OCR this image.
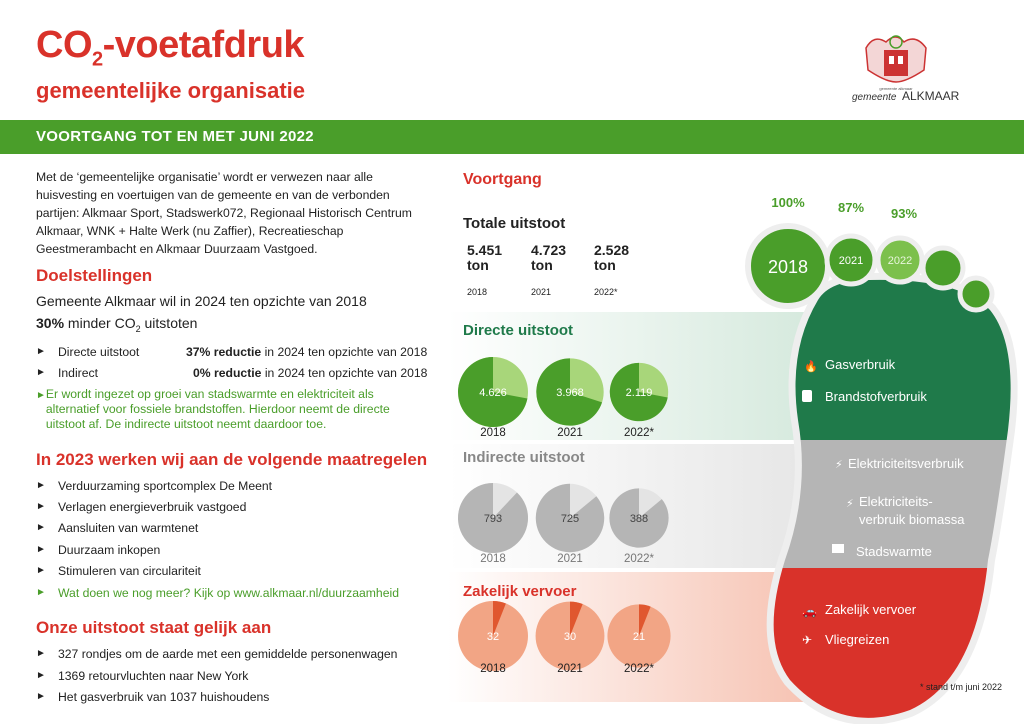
$CO_2$-voetafdruk
gemeentelijke organisatie	gemeente alkmaar
gemeente ALKMAAR
VOORTGANG TOT EN MET JUNI 2022
Met de ‘gemeentelijke organisatie’ wordt er verwezen naar alle huisvesting en voertuigen van de gemeente en van de verbonden partijen: Alkmaar Sport, Stadswerk072, Regionaal Historisch Centrum Alkmaar, WNK + Halte Werk (nu Zaffier), Recreatieschap Geestmerambacht en Alkmaar Duurzaam Vastgoed.
Doelstellingen
Gemeente Alkmaar wil in 2024 ten opzichte van 2018
30% minder $CO_2$ uitstoten
► Directe uitstoot	37% reductie
in 2024 ten opzichte van 2018
► Indirect	0% reductie
in 2024 ten opzichte van 2018
► Er wordt ingezet op groei van stadswarmte en elektriciteit als alternatief voor fossiele brandstoffen. Hierdoor neemt de directe uitstoot af. De indirecte uitstoot neemt daardoor toe.
In 2023 werken wij aan de volgende maatregelen
► Verduurzaming sportcomplex De Meent
► Verlagen energieverbruik vastgoed
► Aansluiten van warmtenet
► Duurzaam inkopen
► Stimuleren van circulariteit
► Wat doen we nog meer? Kijk op www.alkmaar.nl/duurzaamheid
Onze uitstoot staat gelijk aan
► 327 rondjes om de aarde met een gemiddelde personenwagen
► 1369 retourvluchten naar New York
► Het gasverbruik van 1037 huishoudens
2018	2021 2022
100%	87% 93%
🔥 Gasverbruik
Brandstofverbruik
⚡ Elektriciteitsverbruik
⚡ Elektriciteits-
verbruik biomassa
Stadswarmte
🚗 Zakelijk vervoer
✈ Vliegreizen
Voortgang
Totale uitstoot
5.451
ton
2018
4.723
ton
2021
2.528
ton
2022*
Directe uitstoot
Indirecte uitstoot
Zakelijk vervoer
4.626
2018
3.968
2021
2.119
2022*
793
2018
725
2021
388
2022*
32
2018
30
2021
21
2022*
* stand t/m juni 2022
